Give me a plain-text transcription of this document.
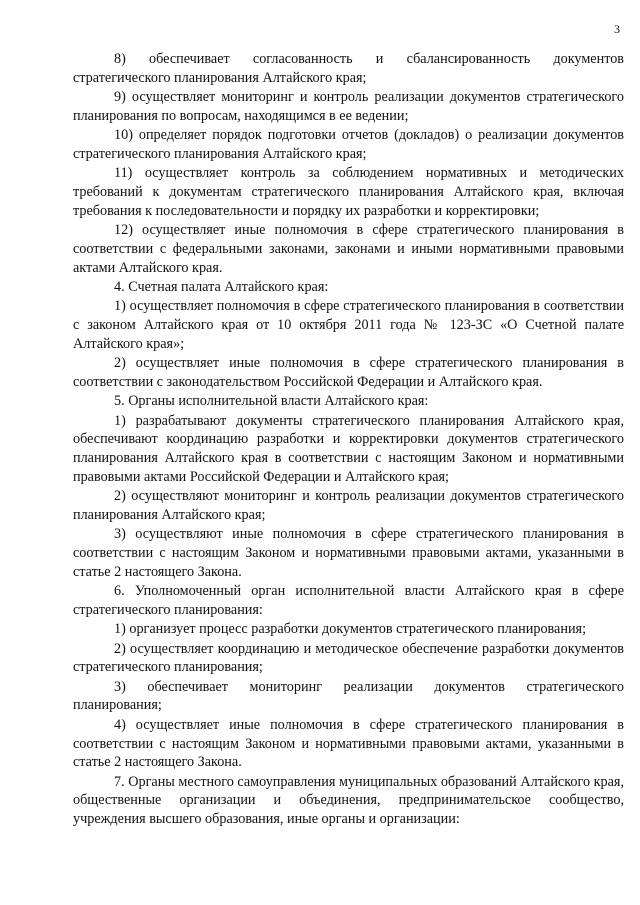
3

8) обеспечивает согласованность и сбалансированность документов стратегического планирования Алтайского края;

9) осуществляет мониторинг и контроль реализации документов стратегического планирования по вопросам, находящимся в ее ведении;

10) определяет порядок подготовки отчетов (докладов) о реализации документов стратегического планирования Алтайского края;

11) осуществляет контроль за соблюдением нормативных и методических требований к документам стратегического планирования Алтайского края, включая требования к последовательности и порядку их разработки и корректировки;

12) осуществляет иные полномочия в сфере стратегического планирования в соответствии с федеральными законами, законами и иными нормативными правовыми актами Алтайского края.

4. Счетная палата Алтайского края:

1) осуществляет полномочия в сфере стратегического планирования в соответствии с законом Алтайского края от 10 октября 2011 года № 123-ЗС «О Счетной палате Алтайского края»;

2) осуществляет иные полномочия в сфере стратегического планирования в соответствии с законодательством Российской Федерации и Алтайского края.

5. Органы исполнительной власти Алтайского края:

1) разрабатывают документы стратегического планирования Алтайского края, обеспечивают координацию разработки и корректировки документов стратегического планирования Алтайского края в соответствии с настоящим Законом и нормативными правовыми актами Российской Федерации и Алтайского края;

2) осуществляют мониторинг и контроль реализации документов стратегического планирования Алтайского края;

3) осуществляют иные полномочия в сфере стратегического планирования в соответствии с настоящим Законом и нормативными правовыми актами, указанными в статье 2 настоящего Закона.

6. Уполномоченный орган исполнительной власти Алтайского края в сфере стратегического планирования:

1) организует процесс разработки документов стратегического планирования;

2) осуществляет координацию и методическое обеспечение разработки документов стратегического планирования;

3) обеспечивает мониторинг реализации документов стратегического планирования;

4) осуществляет иные полномочия в сфере стратегического планирования в соответствии с настоящим Законом и нормативными правовыми актами, указанными в статье 2 настоящего Закона.

7. Органы местного самоуправления муниципальных образований Алтайского края, общественные организации и объединения, предпринимательское сообщество, учреждения высшего образования, иные органы и организации:
